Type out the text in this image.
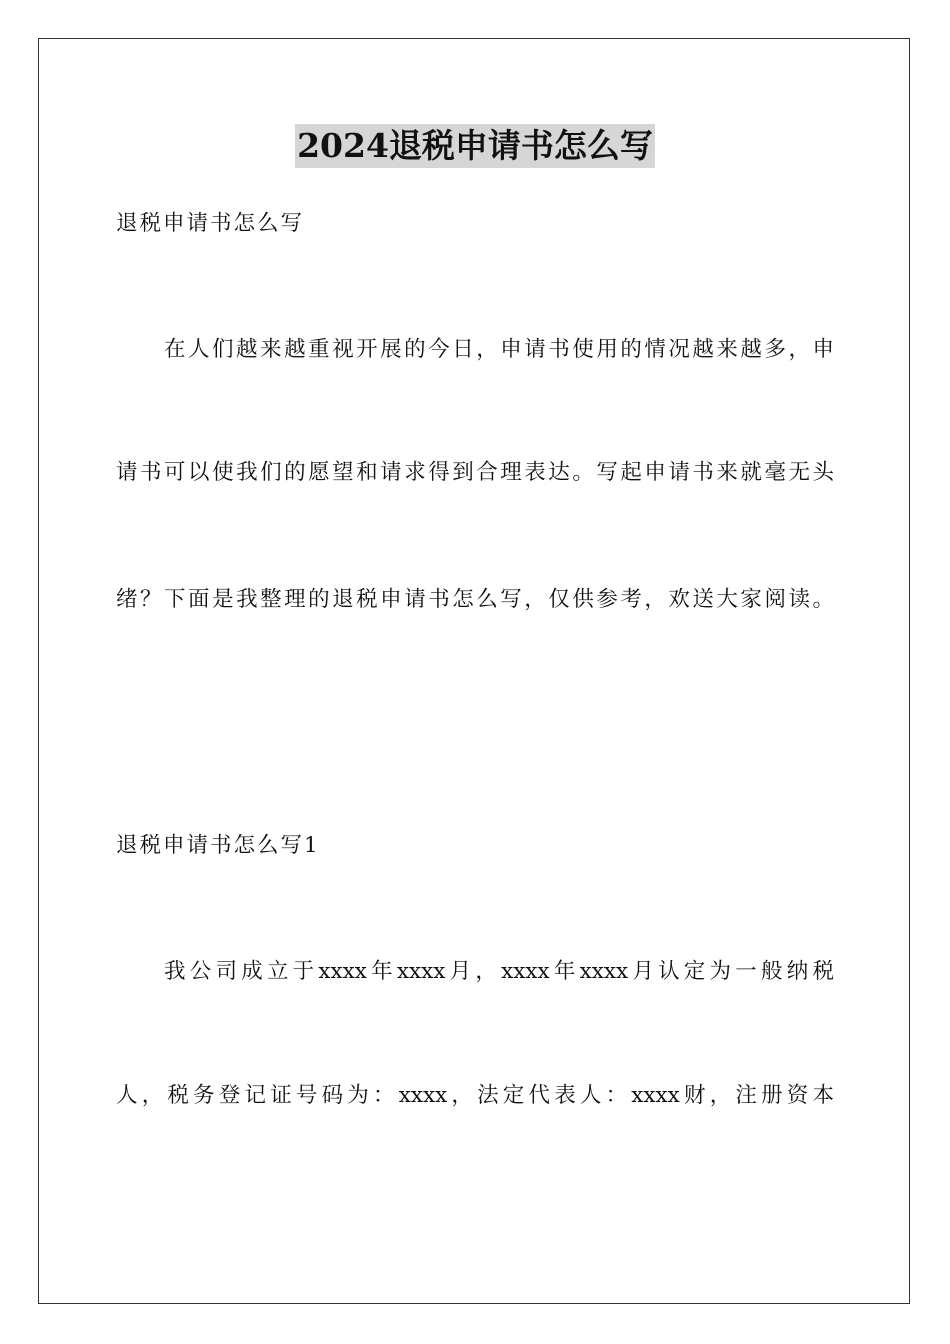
2024退税申请书怎么写
退税申请书怎么写
在人们越来越重视开展的今日，申请书使用的情况越来越多，申
请书可以使我们的愿望和请求得到合理表达。写起申请书来就毫无头
绪？下面是我整理的退税申请书怎么写，仅供参考，欢送大家阅读。
退税申请书怎么写1
我公司成立于xxxx年xxxx月，xxxx年xxxx月认定为一般纳税
人，税务登记证号码为：xxxx，法定代表人：xxxx财，注册资本
